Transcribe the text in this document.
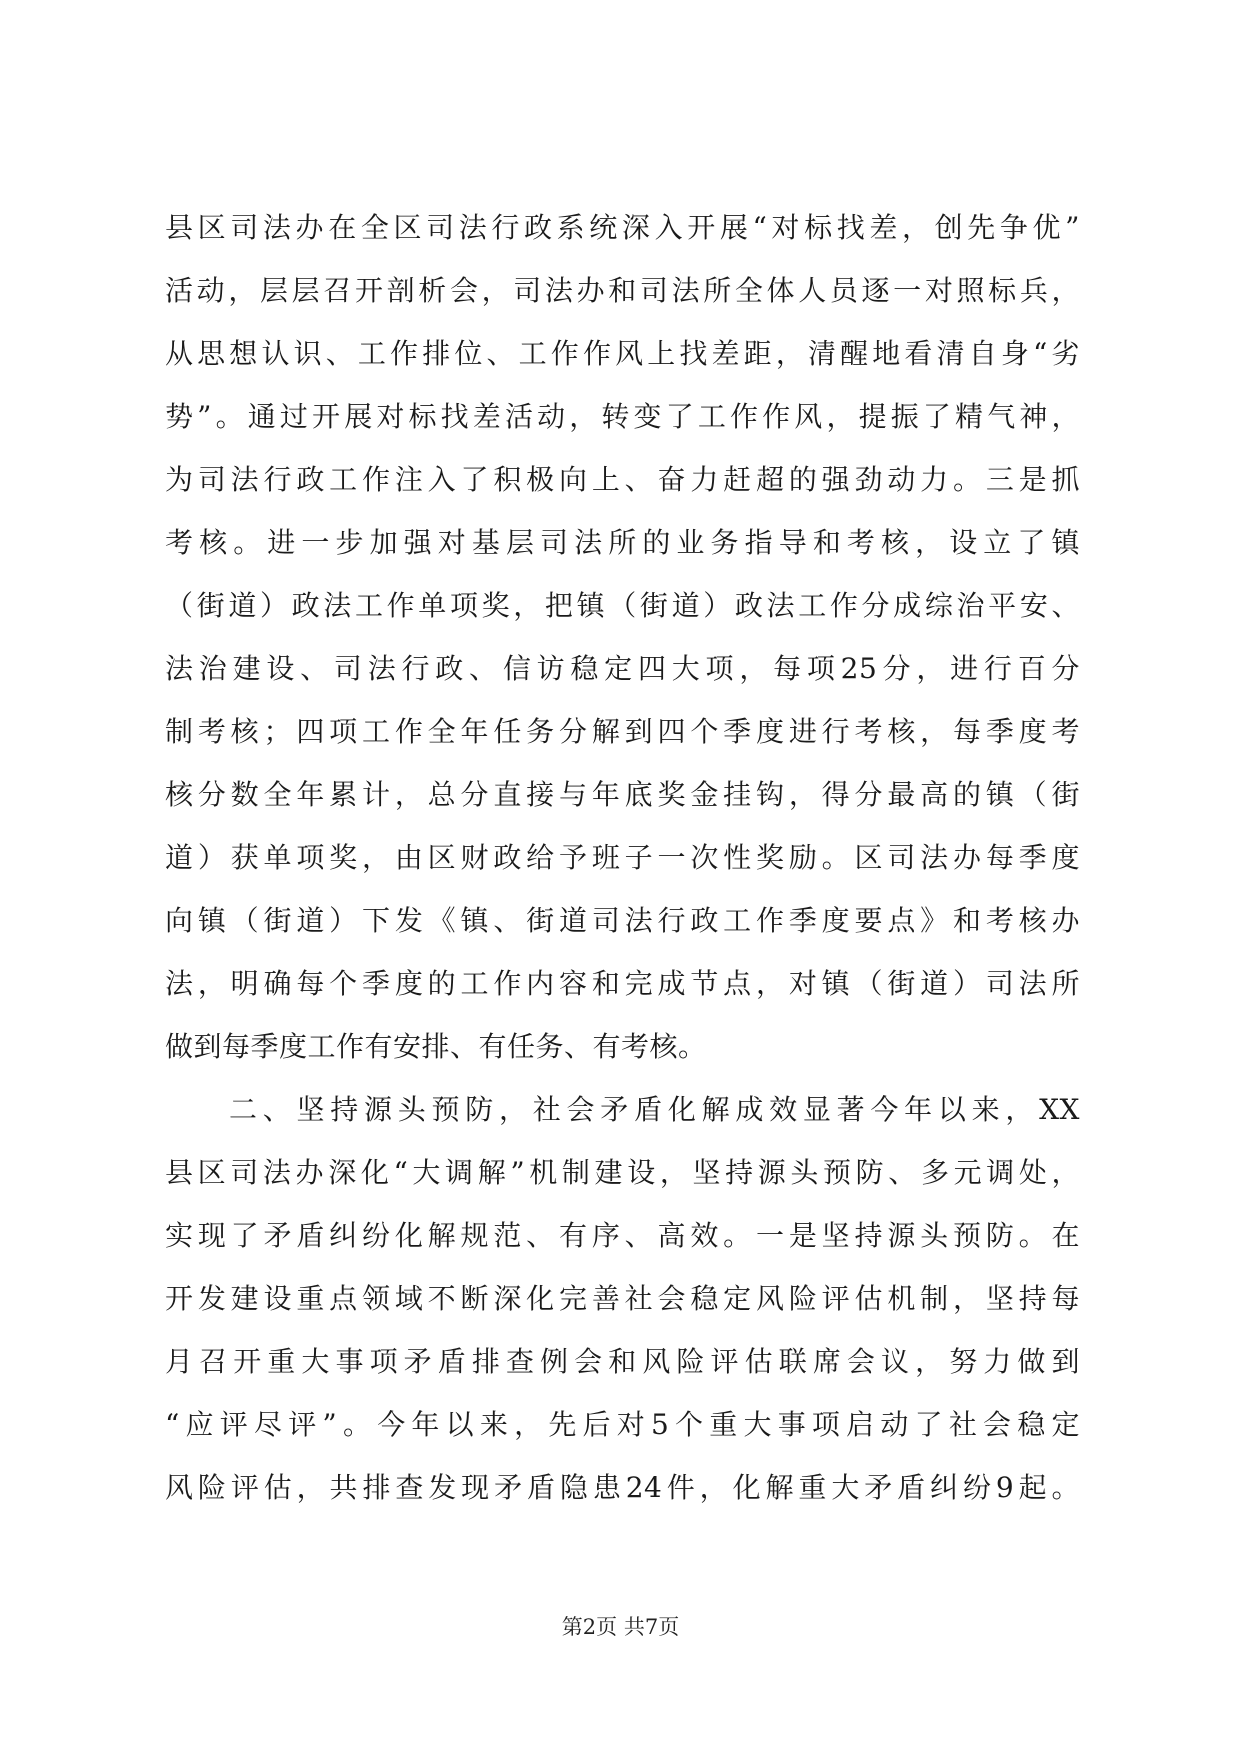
县区司法办在全区司法行政系统深入开展“对标找差，创先争优”
活动，层层召开剖析会，司法办和司法所全体人员逐一对照标兵，
从思想认识、工作排位、工作作风上找差距，清醒地看清自身“劣
势”。通过开展对标找差活动，转变了工作作风，提振了精气神，
为司法行政工作注入了积极向上、奋力赶超的强劲动力。三是抓
考核。进一步加强对基层司法所的业务指导和考核，设立了镇
（街道）政法工作单项奖，把镇（街道）政法工作分成综治平安、
法治建设、司法行政、信访稳定四大项，每项25分，进行百分
制考核；四项工作全年任务分解到四个季度进行考核，每季度考
核分数全年累计，总分直接与年底奖金挂钩，得分最高的镇（街
道）获单项奖，由区财政给予班子一次性奖励。区司法办每季度
向镇（街道）下发《镇、街道司法行政工作季度要点》和考核办
法，明确每个季度的工作内容和完成节点，对镇（街道）司法所
做到每季度工作有安排、有任务、有考核。
二、坚持源头预防，社会矛盾化解成效显著今年以来，XX
县区司法办深化“大调解”机制建设，坚持源头预防、多元调处，
实现了矛盾纠纷化解规范、有序、高效。一是坚持源头预防。在
开发建设重点领域不断深化完善社会稳定风险评估机制，坚持每
月召开重大事项矛盾排查例会和风险评估联席会议，努力做到
“应评尽评”。今年以来，先后对5个重大事项启动了社会稳定
风险评估，共排查发现矛盾隐患24件，化解重大矛盾纠纷9起。
第2页 共7页
